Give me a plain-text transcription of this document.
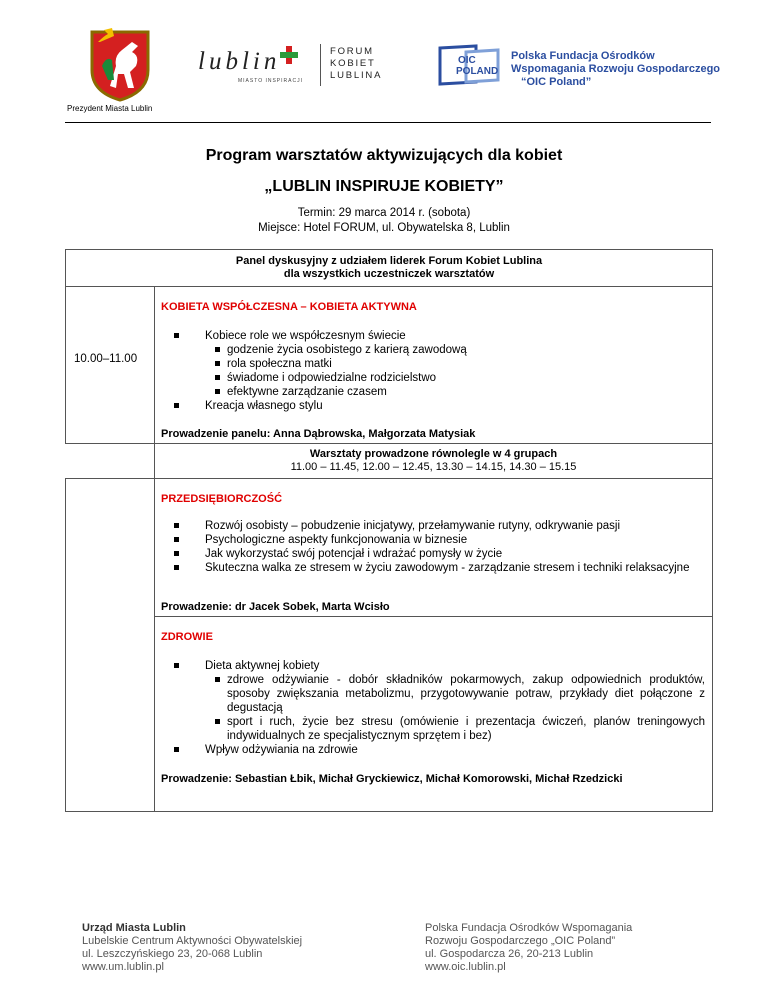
lublin
MIASTO INSPIRACJI
FORUM
KOBIET
LUBLINA
OIC
POLAND
Polska Fundacja Ośrodków
Wspomagania Rozwoju Gospodarczego
“OIC Poland”
Prezydent Miasta Lublin
Program warsztatów aktywizujących dla kobiet
„LUBLIN INSPIRUJE KOBIETY”
Termin: 29 marca 2014 r. (sobota)
Miejsce: Hotel FORUM, ul. Obywatelska 8, Lublin
Panel dyskusyjny z udziałem liderek Forum Kobiet Lublina
dla wszystkich uczestniczek warsztatów
10.00–11.00
KOBIETA WSPÓŁCZESNA – KOBIETA AKTYWNA
Kobiece role we współczesnym świecie
godzenie życia osobistego z karierą zawodową
rola społeczna matki
świadome i odpowiedzialne rodzicielstwo
efektywne zarządzanie czasem
Kreacja własnego stylu
Prowadzenie panelu: Anna Dąbrowska, Małgorzata Matysiak
Warsztaty prowadzone równolegle w 4 grupach
11.00 – 11.45, 12.00 – 12.45, 13.30 – 14.15, 14.30 – 15.15
PRZEDSIĘBIORCZOŚĆ
Rozwój osobisty – pobudzenie inicjatywy, przełamywanie rutyny, odkrywanie pasji
Psychologiczne aspekty funkcjonowania w biznesie
Jak wykorzystać swój potencjał i wdrażać pomysły w życie
Skuteczna walka ze stresem w życiu zawodowym - zarządzanie stresem i techniki relaksacyjne
Prowadzenie: dr Jacek Sobek, Marta Wcisło
ZDROWIE
Dieta aktywnej kobiety
zdrowe odżywianie - dobór składników pokarmowych, zakup odpowiednich produktów, sposoby zwiększania metabolizmu, przygotowywanie potraw, przykłady diet połączone z degustacją
sport i ruch, życie bez stresu (omówienie i prezentacja ćwiczeń, planów treningowych indywidualnych ze specjalistycznym sprzętem i bez)
Wpływ odżywiania na zdrowie
Prowadzenie: Sebastian Łbik, Michał Gryckiewicz, Michał Komorowski, Michał Rzedzicki
Urząd Miasta Lublin
Lubelskie Centrum Aktywności Obywatelskiej
ul. Leszczyńskiego 23, 20-068 Lublin
www.um.lublin.pl
Polska Fundacja Ośrodków Wspomagania
Rozwoju Gospodarczego „OIC Poland”
ul. Gospodarcza 26, 20-213 Lublin
www.oic.lublin.pl
